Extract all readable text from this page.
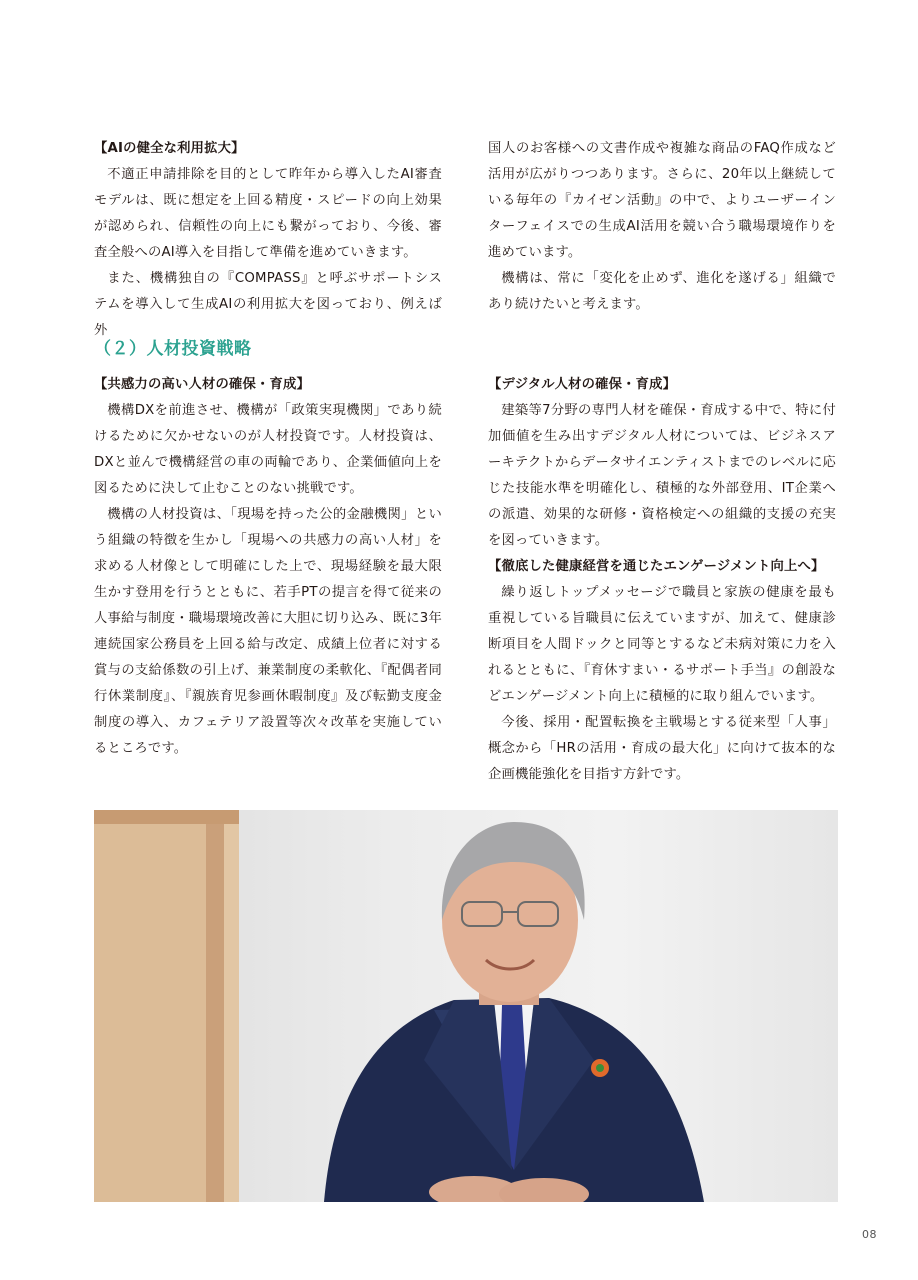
【AIの健全な利用拡大】

不適正申請排除を目的として昨年から導入したAI審査モデルは、既に想定を上回る精度・スピードの向上効果が認められ、信頼性の向上にも繋がっており、今後、審査全般へのAI導入を目指して準備を進めていきます。

また、機構独自の『COMPASS』と呼ぶサポートシステムを導入して生成AIの利用拡大を図っており、例えば外

国人のお客様への文書作成や複雑な商品のFAQ作成など活用が広がりつつあります。さらに、20年以上継続している毎年の『カイゼン活動』の中で、よりユーザーインターフェイスでの生成AI活用を競い合う職場環境作りを進めています。

機構は、常に「変化を止めず、進化を遂げる」組織であり続けたいと考えます。

（２）人材投資戦略

【共感力の高い人材の確保・育成】

機構DXを前進させ、機構が「政策実現機関」であり続けるために欠かせないのが人材投資です。人材投資は、DXと並んで機構経営の車の両輪であり、企業価値向上を図るために決して止むことのない挑戦です。

機構の人材投資は、「現場を持った公的金融機関」という組織の特徴を生かし「現場への共感力の高い人材」を求める人材像として明確にした上で、現場経験を最大限生かす登用を行うとともに、若手PTの提言を得て従来の人事給与制度・職場環境改善に大胆に切り込み、既に3年連続国家公務員を上回る給与改定、成績上位者に対する賞与の支給係数の引上げ、兼業制度の柔軟化、『配偶者同行休業制度』、『親族育児参画休暇制度』及び転勤支度金制度の導入、カフェテリア設置等次々改革を実施しているところです。

【デジタル人材の確保・育成】

建築等7分野の専門人材を確保・育成する中で、特に付加価値を生み出すデジタル人材については、ビジネスアーキテクトからデータサイエンティストまでのレベルに応じた技能水準を明確化し、積極的な外部登用、IT企業への派遣、効果的な研修・資格検定への組織的支援の充実を図っていきます。

【徹底した健康経営を通じたエンゲージメント向上へ】

繰り返しトップメッセージで職員と家族の健康を最も重視している旨職員に伝えていますが、加えて、健康診断項目を人間ドックと同等とするなど未病対策に力を入れるとともに、『育休すまい・るサポート手当』の創設などエンゲージメント向上に積極的に取り組んでいます。

今後、採用・配置転換を主戦場とする従来型「人事」概念から「HRの活用・育成の最大化」に向けて抜本的な企画機能強化を目指す方針です。

08
